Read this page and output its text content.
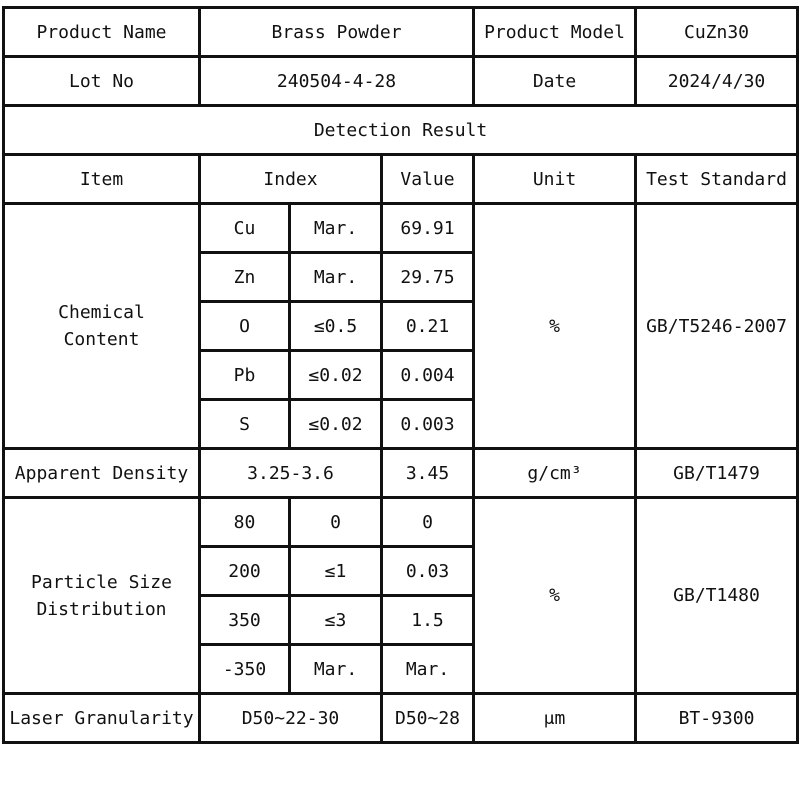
Product Name	Brass Powder			Product Model	CuZn30
Lot No	240504-4-28			Date	2024/4/30
Detection Result					
Item	Index		Value	Unit	Test Standard

Chemical
Content	Cu	Mar.	69.91	%	GB/T5246-2007
	Zn	Mar.	29.75		
	O	≤0.5	0.21		
	Pb	≤0.02	0.004		
	S	≤0.02	0.003		
Apparent Density	3.25-3.6		3.45	g/cm³	GB/T1479

Particle Size
Distribution	80	0	0	%	GB/T1480
	200	≤1	0.03		
	350	≤3	1.5		
	-350	Mar.	Mar.		
Laser Granularity	D50~22-30		D50~28	μm	BT-9300
